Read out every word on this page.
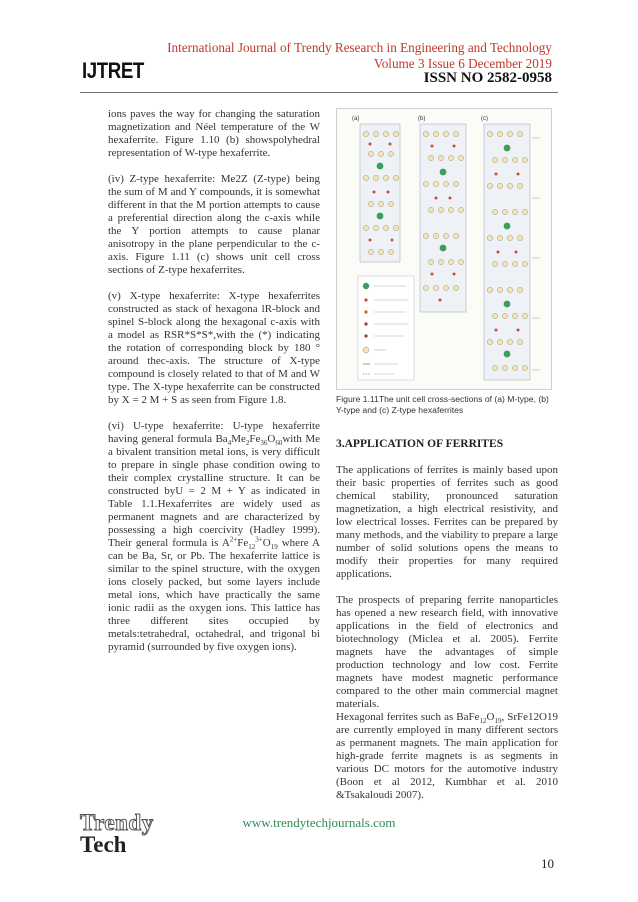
IJTRET
International Journal of Trendy Research in Engineering and Technology
Volume 3 Issue 6 December 2019
ISSN NO 2582-0958

ions paves the way for changing the saturation magnetization and Néel temperature of the W hexaferrite. Figure 1.10 (b) showspolyhedral representation of W-type hexaferrite.

(iv) Z-type hexaferrite: Me2Z (Z-type) being the sum of M and Y compounds, it is somewhat different in that the M portion attempts to cause a preferential direction along the c-axis while the Y portion attempts to cause planar anisotropy in the plane perpendicular to the c-axis. Figure 1.11 (c) shows unit cell cross sections of Z-type hexaferrites.

(v) X-type hexaferrite: X-type hexaferrites constructed as stack of hexagona lR-block and spinel S-block along the hexagonal c-axis with a model as RSR*S*S*,with the (*) indicating the rotation of corresponding block by 180 ° around thec-axis. The structure of X-type compound is closely related to that of M and W type. The X-type hexaferrite can be constructed by X = 2 M + S as seen from Figure 1.8.

(vi) U-type hexaferrite: U-type hexaferrite having general formula $Ba_4Me_2Fe_{36}O_{60}with$ Me a bivalent transition metal ions, is very difficult to prepare in single phase condition owing to their complex crystalline structure. It can be constructed byU = 2 M + Y as indicated in Table 1.1.Hexaferrites are widely used as permanent magnets and are characterized by possessing a high coercivity (Hadley 1999). Their general formula is $A^{2+}Fe_{12}^{3+}O_{19}$ where A can be Ba, Sr, or Pb. The hexaferrite lattice is similar to the spinel structure, with the oxygen ions closely packed, but some layers include metal ions, which have practically the same ionic radii as the oxygen ions. This lattice has three different sites occupied by metals:tetrahedral, octahedral, and trigonal bi pyramid (surrounded by five oxygen ions).

(a)	(b)	(c)
Figure 1.11The unit cell cross-sections of (a) M-type, (b) Y-type and (c) Z-type hexaferrites
3.APPLICATION OF FERRITES

The applications of ferrites is mainly based upon their basic properties of ferrites such as good chemical stability, pronounced saturation magnetization, a high electrical resistivity, and low electrical losses. Ferrites can be prepared by many methods, and the viability to prepare a large number of solid solutions opens the means to modify their properties for many required applications.

The prospects of preparing ferrite nanoparticles has opened a new research field, with innovative applications in the field of electronics and biotechnology (Miclea et al. 2005). Ferrite magnets have the advantages of simple production technology and low cost. Ferrite magnets have modest magnetic performance compared to the other main commercial magnet materials.

Hexagonal ferrites such as $BaFe_{12}O_{19}$, SrFe12O19 are currently employed in many different sectors as permanent magnets. The main application for high-grade ferrite magnets is as segments in various DC motors for the automotive industry (Boon et al 2012, Kumbhar et al. 2010 &Tsakaloudi 2007).

Trendy
Tech
www.trendytechjournals.com
10
